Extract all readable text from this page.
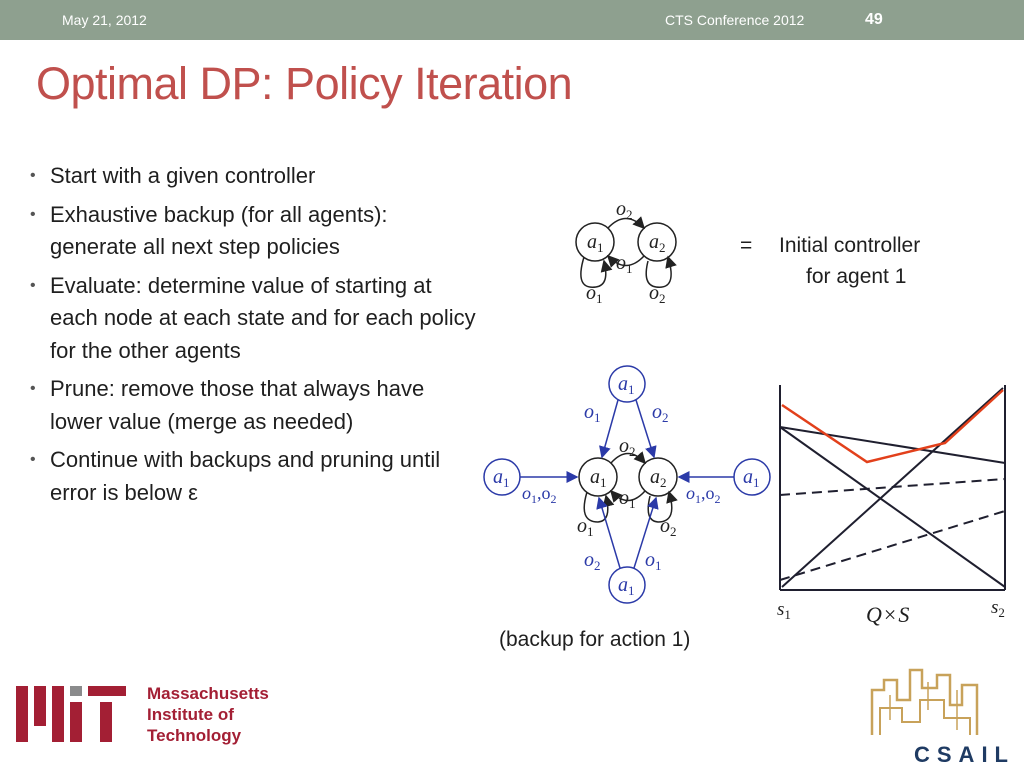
May 21, 2012	CTS Conference 2012	49
Optimal DP: Policy Iteration
• Start with a given controller
• Exhaustive backup (for all agents): generate all next step policies
• Evaluate: determine value of starting at each node at each state and for each policy for the other agents
• Prune: remove those that always have lower value (merge as needed)
• Continue with backups and pruning until error is below ε
$a_1$ $a_2$
$o_2$
$o_1$
$o_1$ $o_2$
= Initial controller
for agent 1
$a_1$
$a_1$	$a_1$
$a_1$
$a_1$ $a_2$
$o_2$
$o_1$
$o_1$	$o_2$
$o_1$	$o_2$
$o_2$ $o_1$
$o_1,o_2$	$o_1,o_2$
(backup for action 1)
$s_1$	$s_2$
Q×S
Massachusetts
Institute of
Technology
CSAIL
